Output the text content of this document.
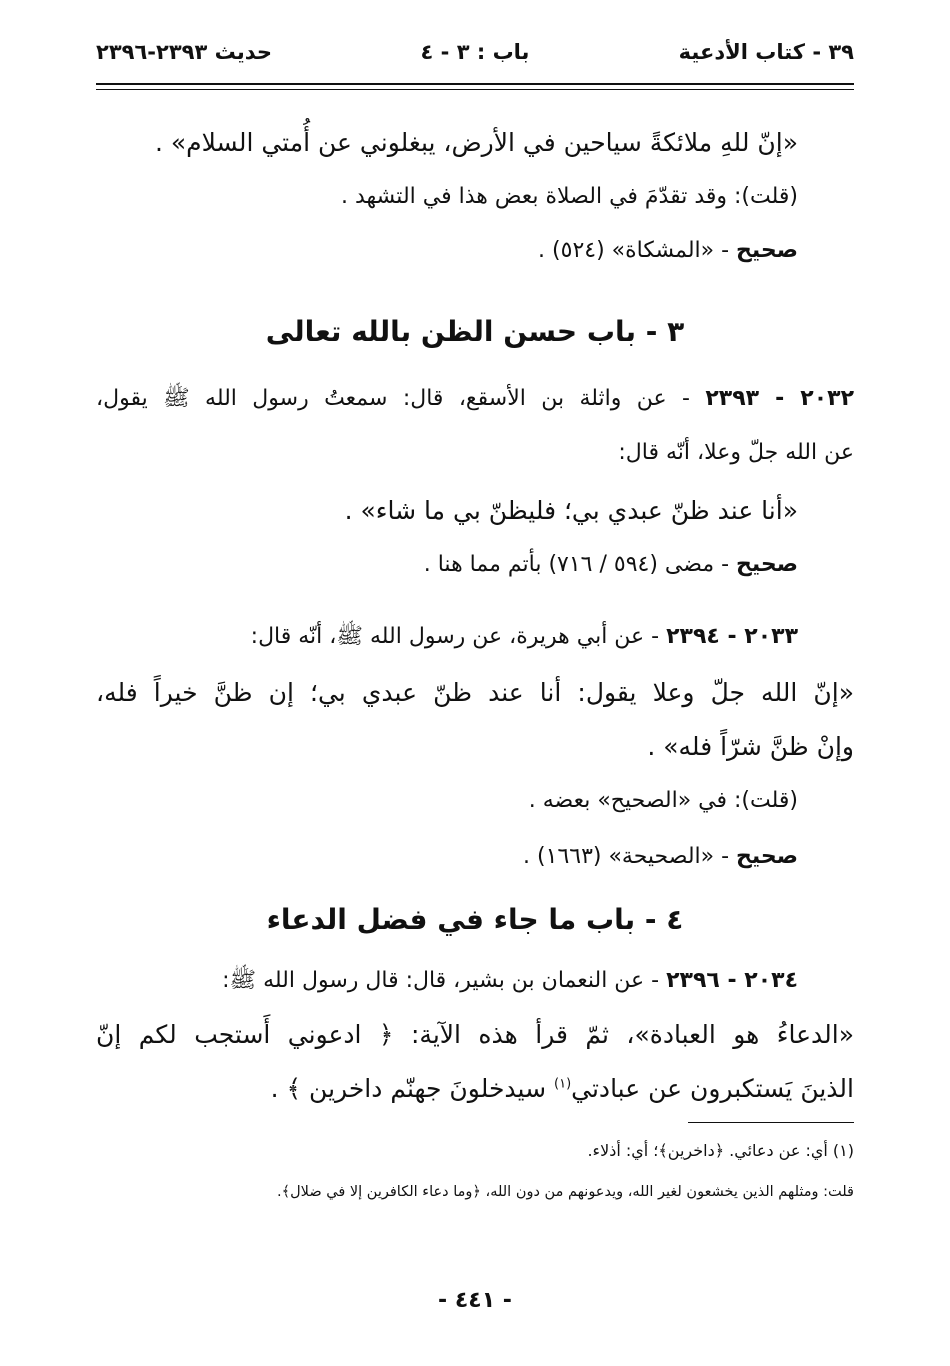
٣٩ - كتاب الأدعية
باب : ٣ - ٤
حديث ٢٣٩٣-٢٣٩٦
«إنّ للهِ ملائكةً سياحين في الأرض، يبغلوني عن أُمتي السلام» .
(قلت): وقد تقدّمَ في الصلاة بعض هذا في التشهد .
صحيح - «المشكاة» (٥٢٤) .
٣ - باب حسن الظن بالله تعالى
٢٠٣٢ - ٢٣٩٣ - عن واثلة بن الأسقع، قال: سمعتُ رسول الله ﷺ يقول،
عن الله جلّ وعلا، أنّه قال:
«أنا عند ظنّ عبدي بي؛ فليظنّ بي ما شاء» .
صحيح - مضى (٥٩٤ / ٧١٦) بأتم مما هنا .
٢٠٣٣ - ٢٣٩٤ - عن أبي هريرة، عن رسول الله ﷺ، أنّه قال:
«إنّ الله جلّ وعلا يقول: أنا عند ظنّ عبدي بي؛ إن ظنَّ خيراً فله،
وإنْ ظنَّ شرّاً فله» .
(قلت): في «الصحيح» بعضه .
صحيح - «الصحيحة» (١٦٦٣) .
٤ - باب ما جاء في فضل الدعاء
٢٠٣٤ - ٢٣٩٦ - عن النعمان بن بشير، قال: قال رسول الله ﷺ:
«الدعاءُ هو العبادة»، ثمّ قرأ هذه الآية: ﴿ ادعوني أَستجب لكم إنّ
الذينَ يَستكبرون عن عبادتي$^{(١)}$ سيدخلونَ جهنّم داخرين ﴾ .
(١) أي: عن دعائي. ﴿داخرين﴾؛ أي: أذلاء.
قلت: ومثلهم الذين يخشعون لغير الله، ويدعونهم من دون الله، ﴿وما دعاء الكافرين إلا في ضلال﴾.
- ٤٤١ -
